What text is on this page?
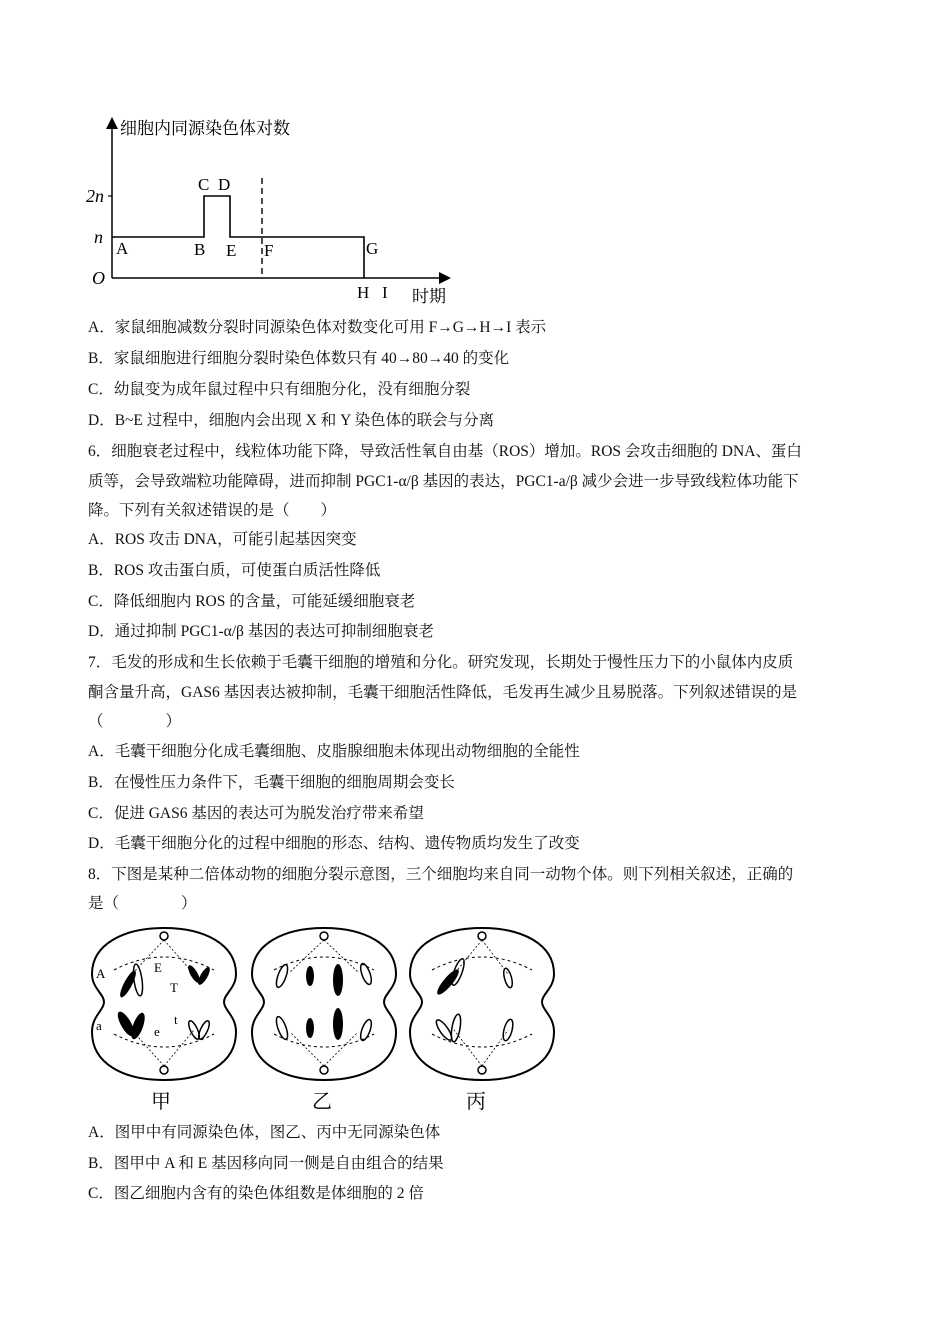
细胞内同源染色体对数
时期
O
2n
n
A	B
C D
E F	G
H I
A．家鼠细胞减数分裂时同源染色体对数变化可用 F→G→H→I 表示
B．家鼠细胞进行细胞分裂时染色体数只有 40→80→40 的变化
C．幼鼠变为成年鼠过程中只有细胞分化，没有细胞分裂
D．B~E 过程中，细胞内会出现 X 和 Y 染色体的联会与分离
6．细胞衰老过程中，线粒体功能下降，导致活性氧自由基（ROS）增加。ROS 会攻击细胞的 DNA、蛋白
质等，会导致端粒功能障碍，进而抑制 PGC1-α/β 基因的表达，PGC1-a/β 减少会进一步导致线粒体功能下
降。下列有关叙述错误的是（　　）
A．ROS 攻击 DNA，可能引起基因突变
B．ROS 攻击蛋白质，可使蛋白质活性降低
C．降低细胞内 ROS 的含量，可能延缓细胞衰老
D．通过抑制 PGC1-α/β 基因的表达可抑制细胞衰老
7．毛发的形成和生长依赖于毛囊干细胞的增殖和分化。研究发现，长期处于慢性压力下的小鼠体内皮质
酮含量升高，GAS6 基因表达被抑制，毛囊干细胞活性降低，毛发再生减少且易脱落。下列叙述错误的是
（　　　　）
A．毛囊干细胞分化成毛囊细胞、皮脂腺细胞未体现出动物细胞的全能性
B．在慢性压力条件下，毛囊干细胞的细胞周期会变长
C．促进 GAS6 基因的表达可为脱发治疗带来希望
D．毛囊干细胞分化的过程中细胞的形态、结构、遗传物质均发生了改变
8．下图是某种二倍体动物的细胞分裂示意图，三个细胞均来自同一动物个体。则下列相关叙述，正确的
是（　　　　）
A	E
T
a	e
t
甲	乙	丙
A．图甲中有同源染色体，图乙、丙中无同源染色体
B．图甲中 A 和 E 基因移向同一侧是自由组合的结果
C．图乙细胞内含有的染色体组数是体细胞的 2 倍
